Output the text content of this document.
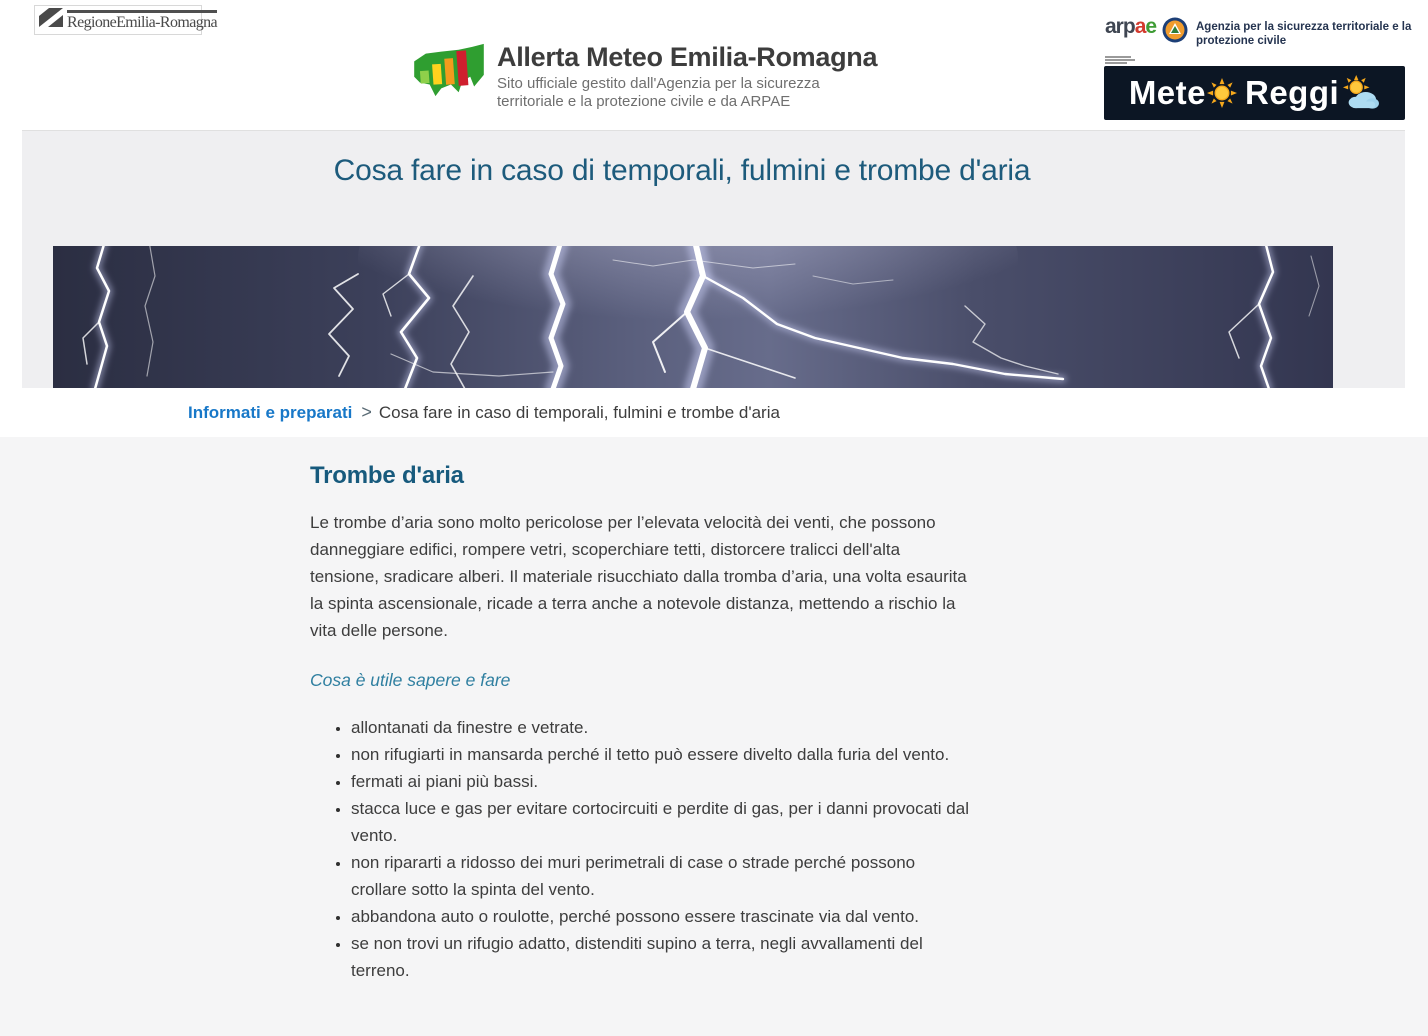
RegioneEmilia-Romagna
Allerta Meteo Emilia-Romagna

Sito ufficiale gestito dall'Agenzia per la sicurezza territoriale e la protezione civile e da ARPAE

arpae	Agenzia per la sicurezza territoriale e la protezione civile
Mete Reggi
Cosa fare in caso di temporali, fulmini e trombe d'aria
Informati e preparati > Cosa fare in caso di temporali, fulmini e trombe d'aria
Trombe d'aria

Le trombe d’aria sono molto pericolose per l’elevata velocità dei venti, che possono danneggiare edifici, rompere vetri, scoperchiare tetti, distorcere tralicci dell'alta tensione, sradicare alberi. Il materiale risucchiato dalla tromba d’aria, una volta esaurita la spinta ascensionale, ricade a terra anche a notevole distanza, mettendo a rischio la vita delle persone.

Cosa è utile sapere e fare
• allontanati da finestre e vetrate.
• non rifugiarti in mansarda perché il tetto può essere divelto dalla furia del vento.
• fermati ai piani più bassi.
• stacca luce e gas per evitare cortocircuiti e perdite di gas, per i danni provocati dal vento.
• non ripararti a ridosso dei muri perimetrali di case o strade perché possono crollare sotto la spinta del vento.
• abbandona auto o roulotte, perché possono essere trascinate via dal vento.
• se non trovi un rifugio adatto, distenditi supino a terra, negli avvallamenti del terreno.
